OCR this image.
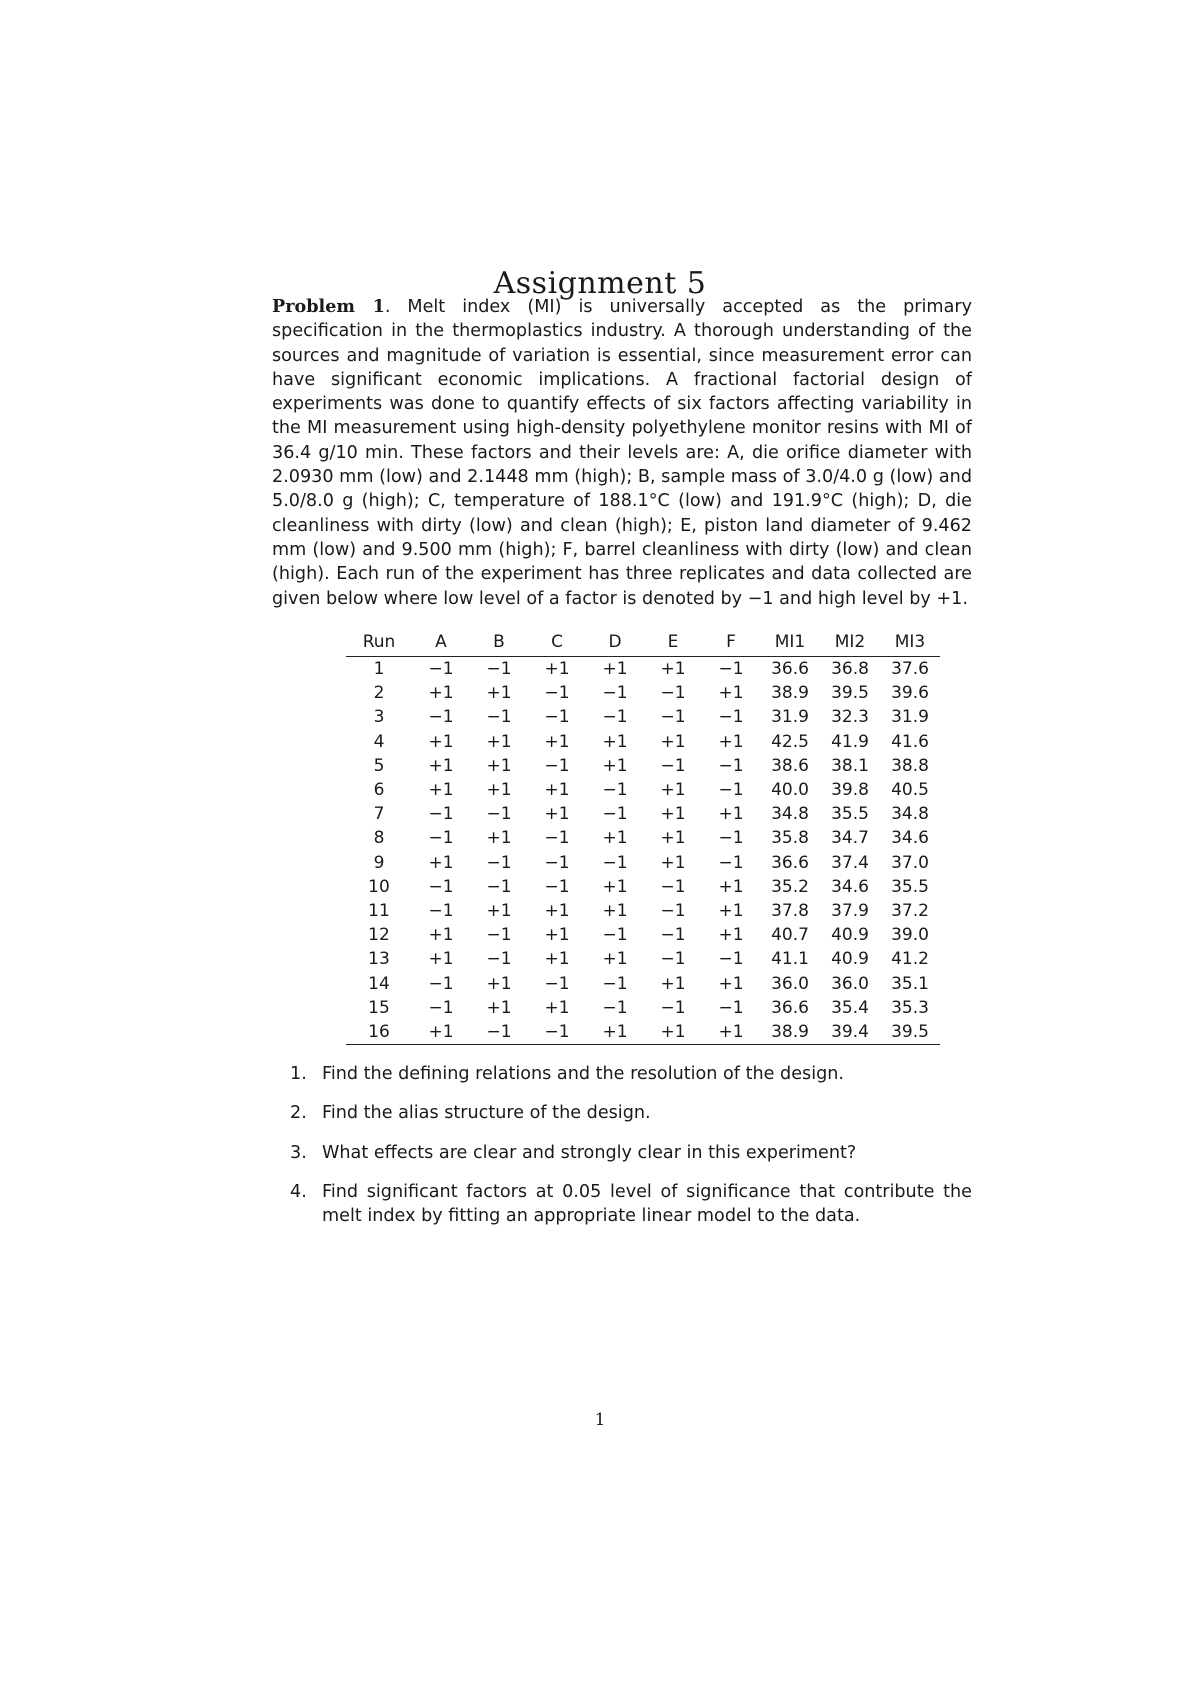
Assignment 5

Problem 1. Melt index (MI) is universally accepted as the primary specification in the thermoplastics industry. A thorough understanding of the sources and magnitude of variation is essential, since measurement error can have significant economic implications. A fractional factorial design of experiments was done to quantify effects of six factors affecting variability in the MI measurement using high-density polyethylene monitor resins with MI of 36.4 g/10 min. These factors and their levels are: A, die orifice diameter with 2.0930 mm (low) and 2.1448 mm (high); B, sample mass of 3.0/4.0 g (low) and 5.0/8.0 g (high); C, temperature of 188.1°C (low) and 191.9°C (high); D, die cleanliness with dirty (low) and clean (high); E, piston land diameter of 9.462 mm (low) and 9.500 mm (high); F, barrel cleanliness with dirty (low) and clean (high). Each run of the experiment has three replicates and data collected are given below where low level of a factor is denoted by −1 and high level by +1.

Run	A	B	C	D	E	F	MI1	MI2	MI3
1	−1	−1	+1	+1	+1	−1	36.6	36.8	37.6
2	+1	+1	−1	−1	−1	+1	38.9	39.5	39.6
3	−1	−1	−1	−1	−1	−1	31.9	32.3	31.9
4	+1	+1	+1	+1	+1	+1	42.5	41.9	41.6
5	+1	+1	−1	+1	−1	−1	38.6	38.1	38.8
6	+1	+1	+1	−1	+1	−1	40.0	39.8	40.5
7	−1	−1	+1	−1	+1	+1	34.8	35.5	34.8
8	−1	+1	−1	+1	+1	−1	35.8	34.7	34.6
9	+1	−1	−1	−1	+1	−1	36.6	37.4	37.0
10	−1	−1	−1	+1	−1	+1	35.2	34.6	35.5
11	−1	+1	+1	+1	−1	+1	37.8	37.9	37.2
12	+1	−1	+1	−1	−1	+1	40.7	40.9	39.0
13	+1	−1	+1	+1	−1	−1	41.1	40.9	41.2
14	−1	+1	−1	−1	+1	+1	36.0	36.0	35.1
15	−1	+1	+1	−1	−1	−1	36.6	35.4	35.3
16	+1	−1	−1	+1	+1	+1	38.9	39.4	39.5
1. Find the defining relations and the resolution of the design.
2. Find the alias structure of the design.
3. What effects are clear and strongly clear in this experiment?
4. Find significant factors at 0.05 level of significance that contribute the melt index by fitting an appropriate linear model to the data.
1
